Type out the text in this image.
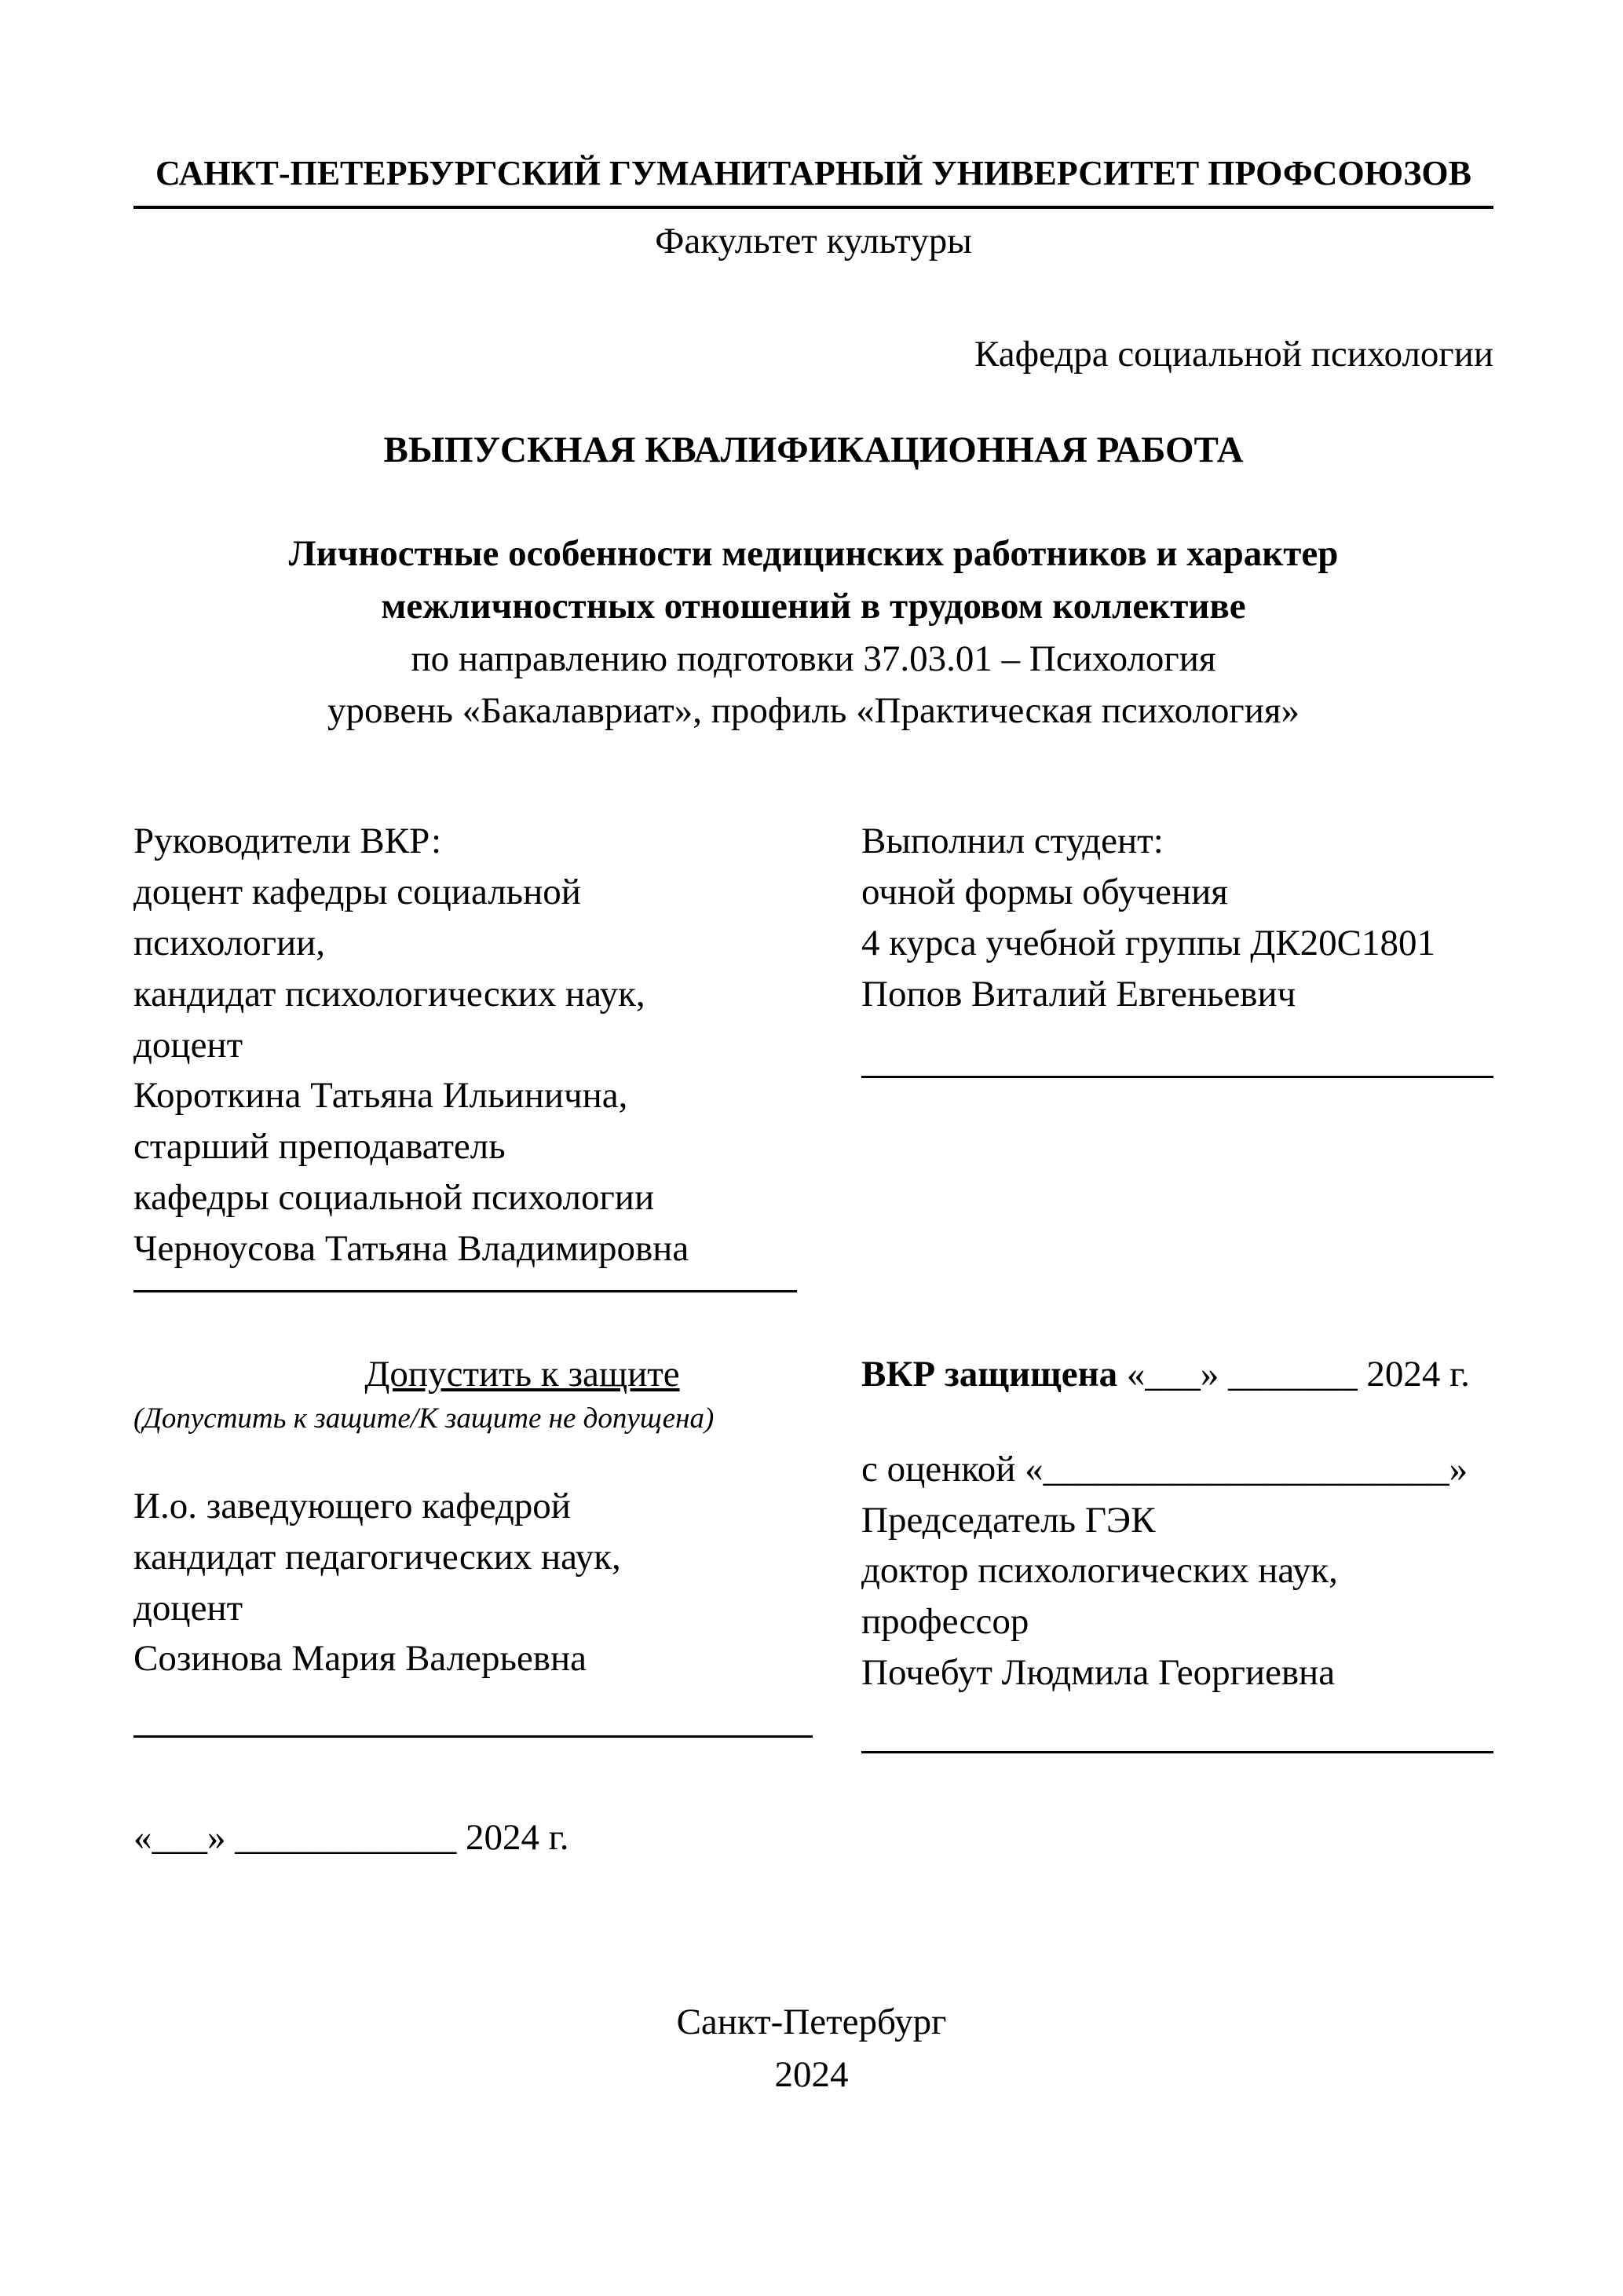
САНКТ-ПЕТЕРБУРГСКИЙ ГУМАНИТАРНЫЙ УНИВЕРСИТЕТ ПРОФСОЮЗОВ
Факультет культуры
Кафедра социальной психологии
ВЫПУСКНАЯ КВАЛИФИКАЦИОННАЯ РАБОТА
Личностные особенности медицинских работников и характер
межличностных отношений в трудовом коллективе
по направлению подготовки 37.03.01 – Психология
уровень «Бакалавриат», профиль «Практическая психология»
Руководители ВКР:
доцент кафедры социальной
психологии,
кандидат психологических наук,
доцент
Короткина Татьяна Ильинична,
старший преподаватель
кафедры социальной психологии
Черноусова Татьяна Владимировна
Выполнил студент:
очной формы обучения
4 курса учебной группы ДК20С1801
Попов Виталий Евгеньевич
Допустить к защите
(Допустить к защите/К защите не допущена)
И.о. заведующего кафедрой
кандидат педагогических наук,
доцент
Созинова Мария Валерьевна
«___» ____________ 2024 г.
ВКР защищена «___» _______ 2024 г.
с оценкой «______________________»
Председатель ГЭК
доктор психологических наук,
профессор
Почебут Людмила Георгиевна
Санкт-Петербург
2024
